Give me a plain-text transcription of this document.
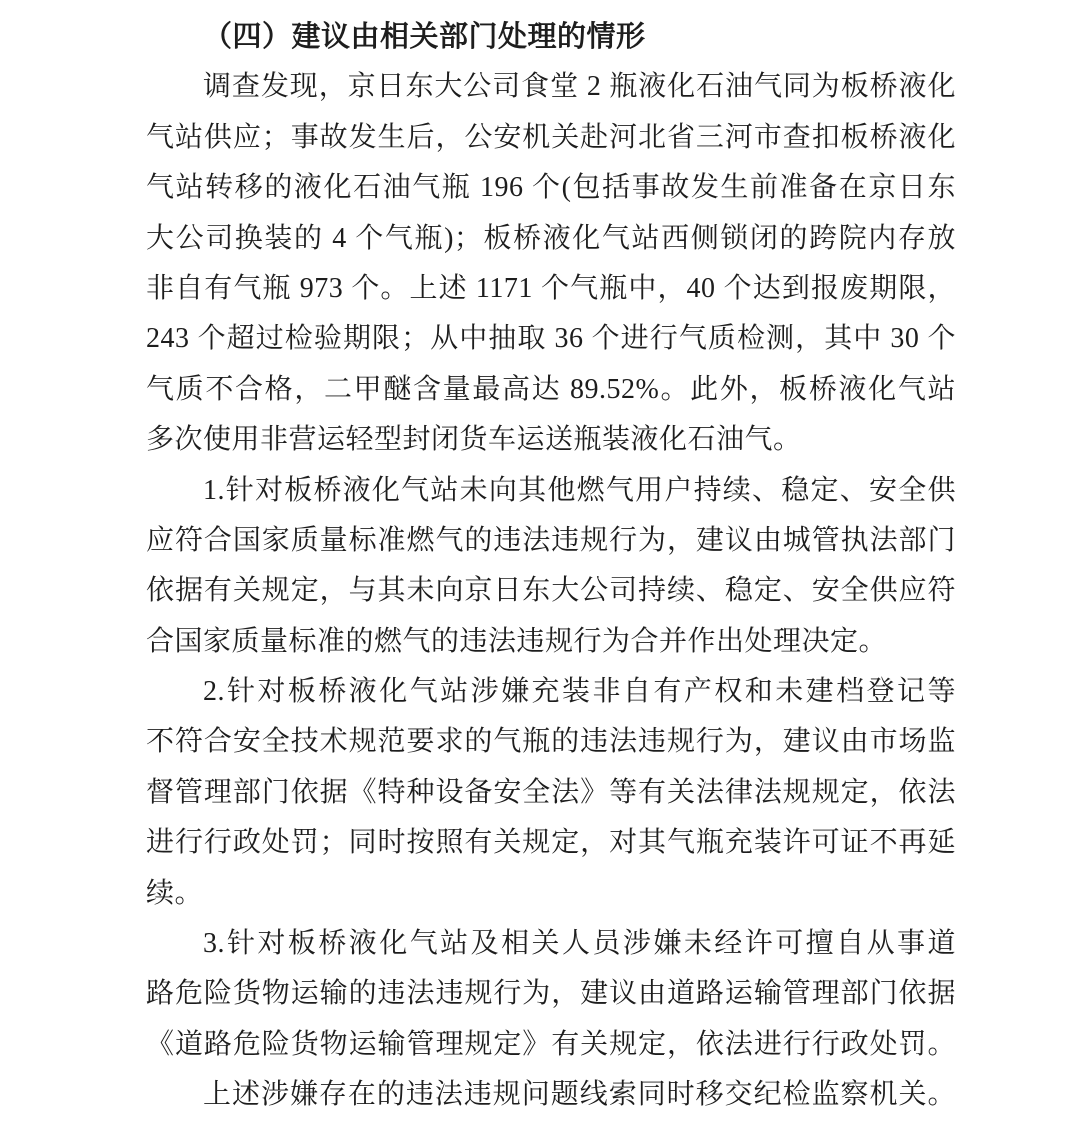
（四）建议由相关部门处理的情形
调查发现，京日东大公司食堂 2 瓶液化石油气同为板桥液化
气站供应；事故发生后，公安机关赴河北省三河市查扣板桥液化
气站转移的液化石油气瓶 196 个(包括事故发生前准备在京日东
大公司换装的 4 个气瓶)；板桥液化气站西侧锁闭的跨院内存放
非自有气瓶 973 个。上述 1171 个气瓶中，40 个达到报废期限，
243 个超过检验期限；从中抽取 36 个进行气质检测，其中 30 个
气质不合格，二甲醚含量最高达 89.52%。此外，板桥液化气站
多次使用非营运轻型封闭货车运送瓶装液化石油气。
1.针对板桥液化气站未向其他燃气用户持续、稳定、安全供
应符合国家质量标准燃气的违法违规行为，建议由城管执法部门
依据有关规定，与其未向京日东大公司持续、稳定、安全供应符
合国家质量标准的燃气的违法违规行为合并作出处理决定。
2.针对板桥液化气站涉嫌充装非自有产权和未建档登记等
不符合安全技术规范要求的气瓶的违法违规行为，建议由市场监
督管理部门依据《特种设备安全法》等有关法律法规规定，依法
进行行政处罚；同时按照有关规定，对其气瓶充装许可证不再延
续。
3.针对板桥液化气站及相关人员涉嫌未经许可擅自从事道
路危险货物运输的违法违规行为，建议由道路运输管理部门依据
《道路危险货物运输管理规定》有关规定，依法进行行政处罚。
上述涉嫌存在的违法违规问题线索同时移交纪检监察机关。
